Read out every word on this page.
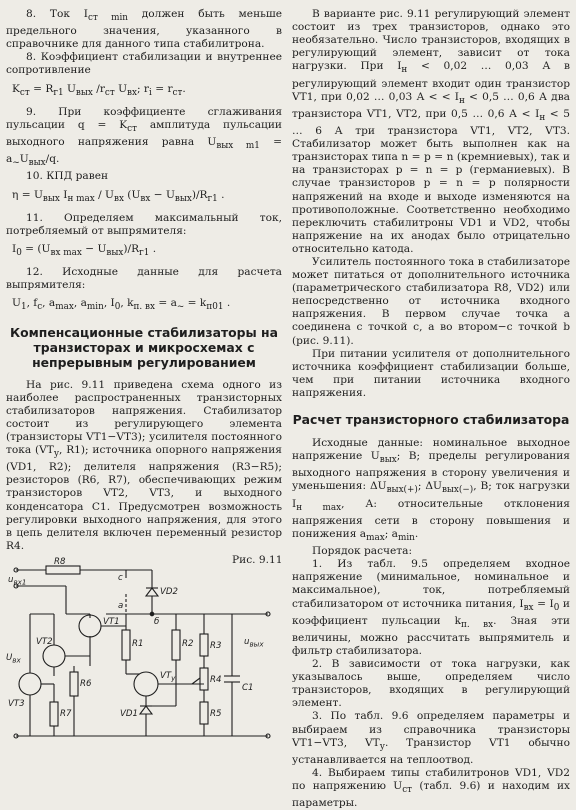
8. Ток $I_{ст min}$ должен быть меньше предельного значения, указанного в справочнике для данного типа стабилитрона.

8. Коэффициент стабилизации и внутреннее сопротивление

$K_{ст} = R_{г1}$ $U_{вых}$ $/r_{ст}$ $U_{вх}$; $r_i = r_{ст}$.

9. При коэффициенте сглаживания пульсации $q = K_{ст}$ амплитуда пульсации выходного напряжения равна $U_{вых m1} = a_\sim U_{вых}/q$.

10. КПД равен

$\eta = U_{вых}$ $I_{н max} / U_{вх}$ $(U_{вх} - U_{вых})/R_{г1}$ .

11. Определяем максимальный ток, потребляемый от выпрямителя:

$I_0 = (U_{вх max} - U_{вых})/R_{г1}$ .

12. Исходные данные для расчета выпрямителя:

$U_1$, $f_c$, $a_{max}$, $a_{min}$, $I_0$, $k_{п. вх} = a_\sim = k_{п01}$ .
Компенсационные стабилизаторы на транзисторах и микросхемах с непрерывным регулированием

На рис. 9.11 приведена схема одного из наиболее распространенных транзисторных стабилизаторов напряжения. Стабилизатор состоит из регулирующего элемента (транзисторы VT1−VT3); усилителя постоянного тока ($VT_у$, R1); источника опорного напряжения (VD1, R2); делителя напряжения (R3−R5); резисторов (R6, R7), обеспечивающих режим транзисторов VT2, VT3, и выходного конденсатора C1. Предусмотрен возможность регулировки выходного напряжения, для этого в цепь делителя включен переменный резистор R4.

Рис. 9.11
R8
с
$u_{вх1}$
VD2
а
б
VT1
VT2
$U_{вх}$
VT3
R6
R7
R1	R2 R3
R4
R5
$VT_у$
VD1
C1
$u_{вых}$

В варианте рис. 9.11 регулирующий элемент состоит из трех транзисторов, однако это необязательно. Число транзисторов, входящих в регулирующий элемент, зависит от тока нагрузки. При $I_н < 0,02$ … 0,03 А в регулирующий элемент входит один транзистор VT1, при 0,02 … 0,03 А < < $I_н < 0,5$ … 0,6 А два транзистора VT1, VT2, при 0,5 … 0,6 $А < I_н < 5$ … 6 А три транзистора VT1, VT2, VT3. Стабилизатор может быть выполнен как на транзисторах типа n = p = n (кремниевых), так и на транзисторах p = n = p (германиевых). В случае транзисторов p = n = p полярности напряжений на входе и выходе изменяются на противоположные. Соответственно необходимо переключить стабилитроны VD1 и VD2, чтобы напряжение на их анодах было отрицательно относительно катода.

Усилитель постоянного тока в стабилизаторе может питаться от дополнительного источника (параметрического стабилизатора R8, VD2) или непосредственно от источника входного напряжения. В первом случае точка a соединена с точкой c, а во втором−с точкой b (рис. 9.11).

При питании усилителя от дополнительного источника коэффициент стабилизации больше, чем при питании источника входного напряжения.

Расчет транзисторного стабилизатора

Исходные данные: номинальное выходное напряжение $U_{вых}$; В; пределы регулирования выходного напряжения в сторону увеличения и уменьшения: $\Delta U_{вых(+)}$; $\Delta U_{вых(-)}$, В; ток нагрузки $I_{н max}$, А: относительные отклонения напряжения сети в сторону повышения и понижения $a_{max}$; $a_{min}$.

Порядок расчета:

1. Из табл. 9.5 определяем входное напряжение (минимальное, номинальное и максимальное), ток, потребляемый стабилизатором от источника питания, $I_{вх} = I_0$ и коэффициент пульсации $k_{п. вх}$. Зная эти величины, можно рассчитать выпрямитель и фильтр стабилизатора.

2. В зависимости от тока нагрузки, как указывалось выше, определяем число транзисторов, входящих в регулирующий элемент.

3. По табл. 9.6 определяем параметры и выбираем из справочника транзисторы VT1−VT3, $VT_у$. Транзистор VT1 обычно устанавливается на теплоотвод.

4. Выбираем типы стабилитронов VD1, VD2 по напряжению $U_{ст}$ (табл. 9.6) и находим их параметры.
